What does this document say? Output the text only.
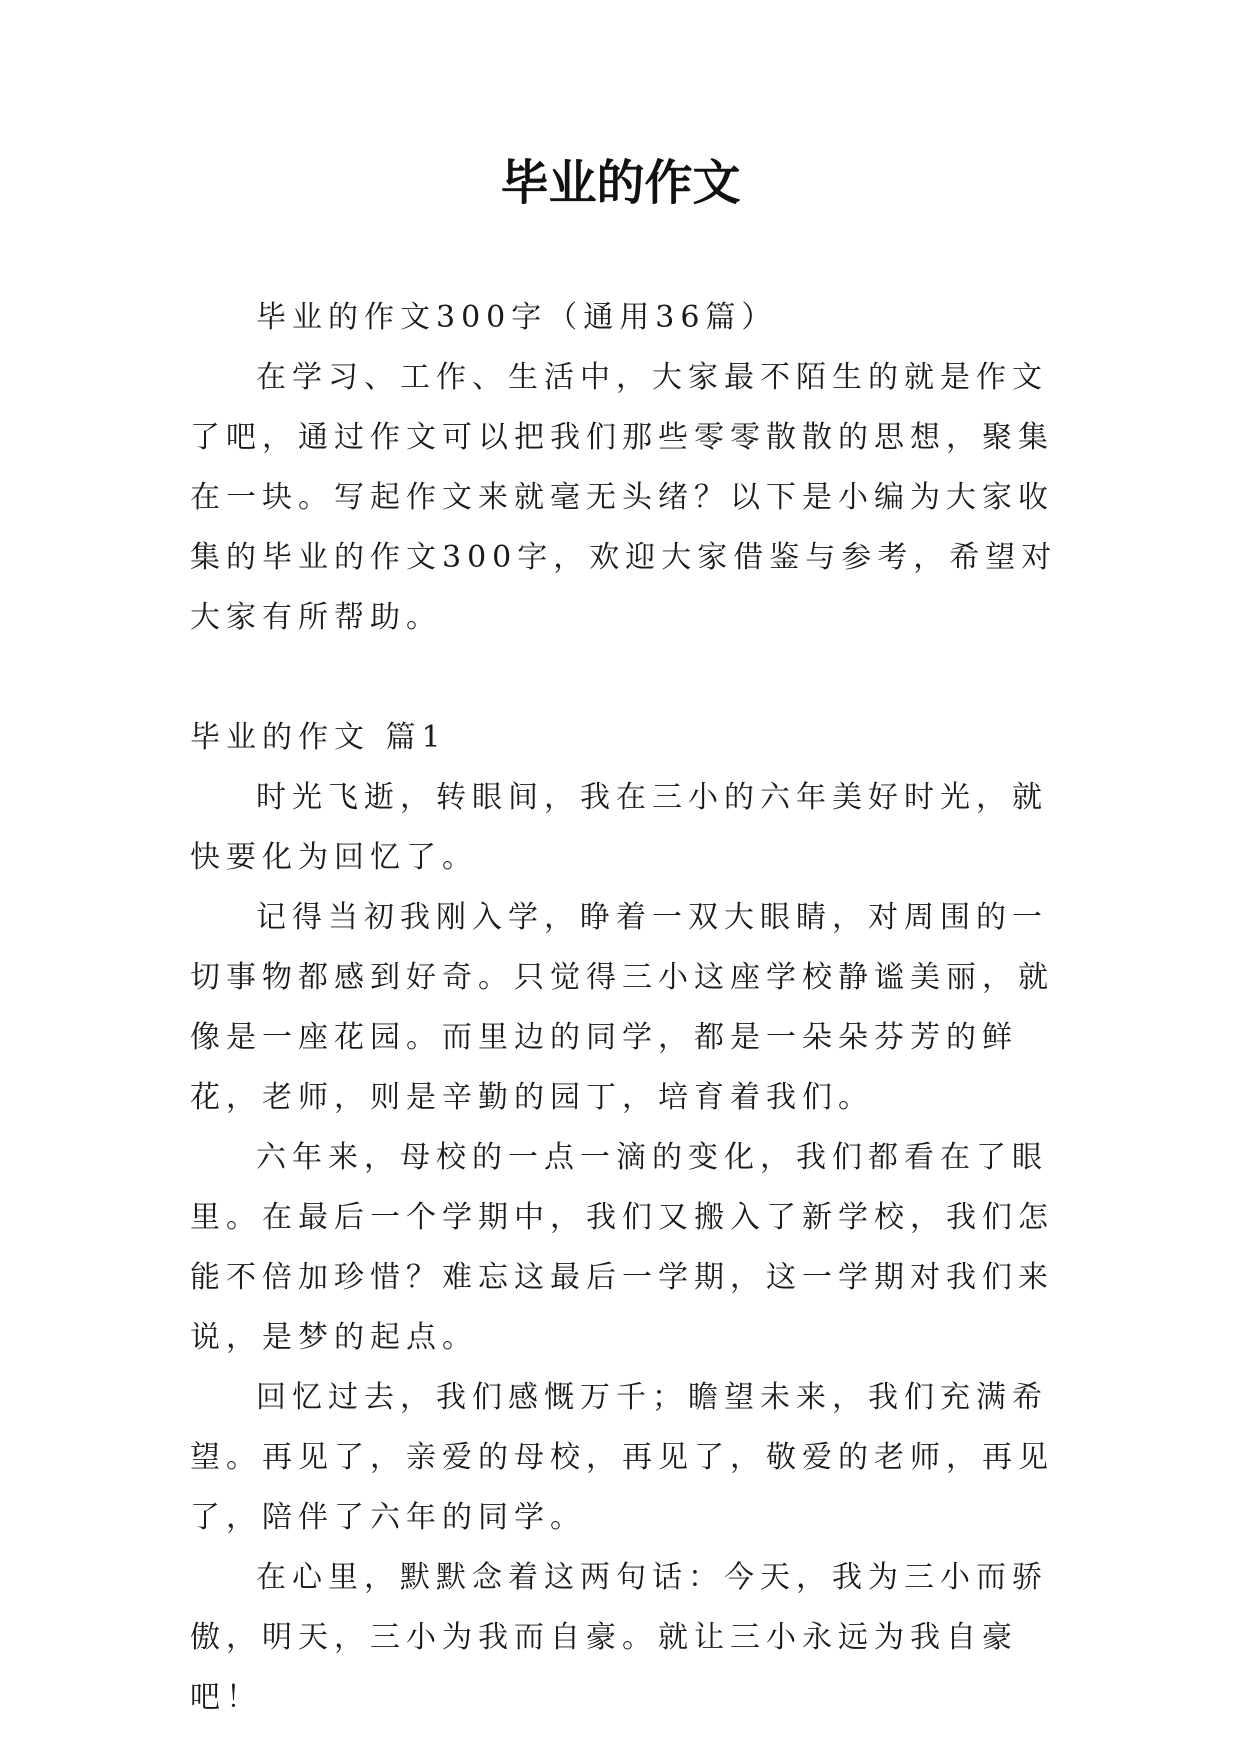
毕业的作文

毕业的作文300字（通用36篇）

在学习、工作、生活中，大家最不陌生的就是作文了吧，通过作文可以把我们那些零零散散的思想，聚集在一块。写起作文来就毫无头绪？以下是小编为大家收集的毕业的作文300字，欢迎大家借鉴与参考，希望对大家有所帮助。

毕业的作文 篇1

时光飞逝，转眼间，我在三小的六年美好时光，就快要化为回忆了。

记得当初我刚入学，睁着一双大眼睛，对周围的一切事物都感到好奇。只觉得三小这座学校静谧美丽，就像是一座花园。而里边的同学，都是一朵朵芬芳的鲜花，老师，则是辛勤的园丁，培育着我们。

六年来，母校的一点一滴的变化，我们都看在了眼里。在最后一个学期中，我们又搬入了新学校，我们怎能不倍加珍惜？难忘这最后一学期，这一学期对我们来说，是梦的起点。

回忆过去，我们感慨万千；瞻望未来，我们充满希望。再见了，亲爱的母校，再见了，敬爱的老师，再见了，陪伴了六年的同学。

在心里，默默念着这两句话：今天，我为三小而骄傲，明天，三小为我而自豪。就让三小永远为我自豪吧！
